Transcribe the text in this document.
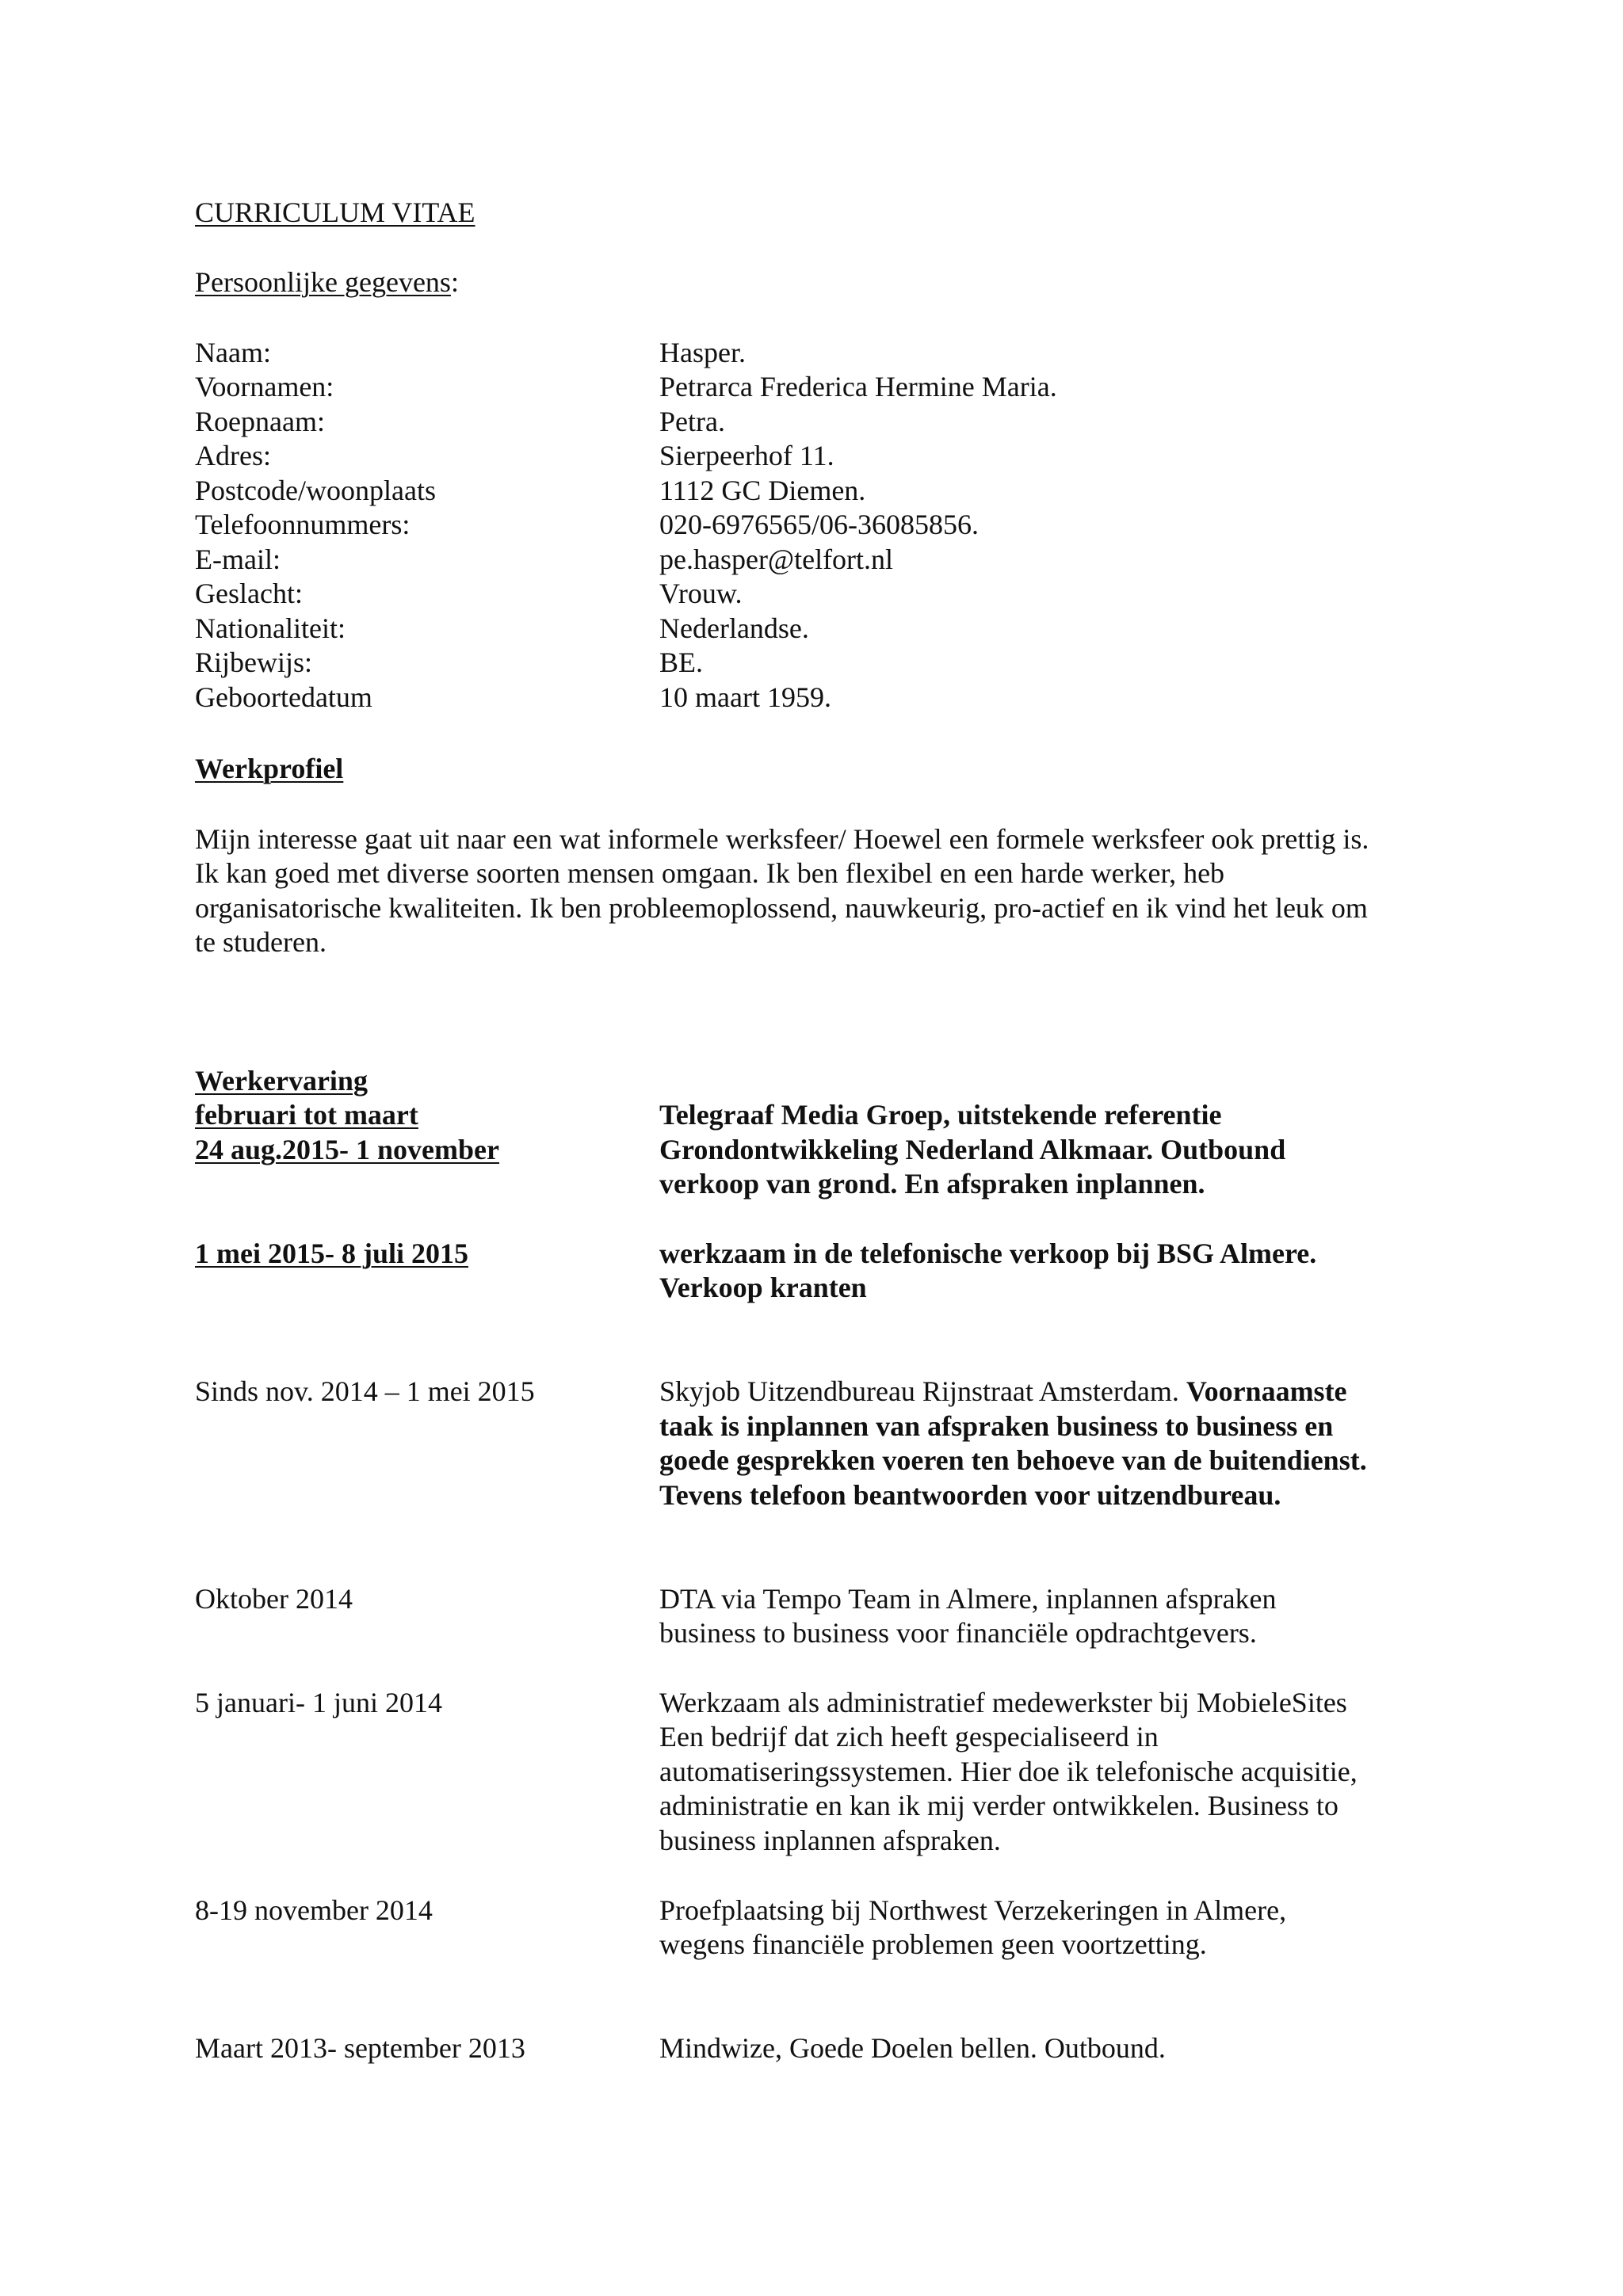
CURRICULUM VITAE
Persoonlijke gegevens:
Naam:	Hasper.
Voornamen:	Petrarca Frederica Hermine Maria.
Roepnaam:	Petra.
Adres:	Sierpeerhof 11.
Postcode/woonplaats	1112 GC Diemen.
Telefoonnummers:	020-6976565/06-36085856.
E-mail:	pe.hasper@telfort.nl
Geslacht:	Vrouw.
Nationaliteit:	Nederlandse.
Rijbewijs:	BE.
Geboortedatum	10 maart 1959.
Werkprofiel
Mijn interesse gaat uit naar een wat informele werksfeer/ Hoewel een formele werksfeer ook prettig is.
Ik kan goed met diverse soorten mensen omgaan. Ik ben flexibel en een harde werker, heb
organisatorische kwaliteiten. Ik ben probleemoplossend, nauwkeurig, pro-actief en ik vind het leuk om
te studeren.
Werkervaring
februari tot maart	Telegraaf Media Groep, uitstekende referentie
24 aug.2015- 1 november	Grondontwikkeling Nederland Alkmaar. Outbound
verkoop van grond. En afspraken inplannen.
1 mei 2015- 8 juli 2015	werkzaam in de telefonische verkoop bij BSG Almere.
Verkoop kranten
Sinds nov. 2014 – 1 mei 2015	Skyjob Uitzendbureau Rijnstraat Amsterdam. Voornaamste
taak is inplannen van afspraken business to business en
goede gesprekken voeren ten behoeve van de buitendienst.
Tevens telefoon beantwoorden voor uitzendbureau.
Oktober 2014	DTA via Tempo Team in Almere, inplannen afspraken
business to business voor financiële opdrachtgevers.
5 januari- 1 juni 2014	Werkzaam als administratief medewerkster bij MobieleSites
Een bedrijf dat zich heeft gespecialiseerd in
automatiseringssystemen. Hier doe ik telefonische acquisitie,
administratie en kan ik mij verder ontwikkelen. Business to
business inplannen afspraken.
8-19 november 2014	Proefplaatsing bij Northwest Verzekeringen in Almere,
wegens financiële problemen geen voortzetting.
Maart 2013- september 2013	Mindwize, Goede Doelen bellen. Outbound.
